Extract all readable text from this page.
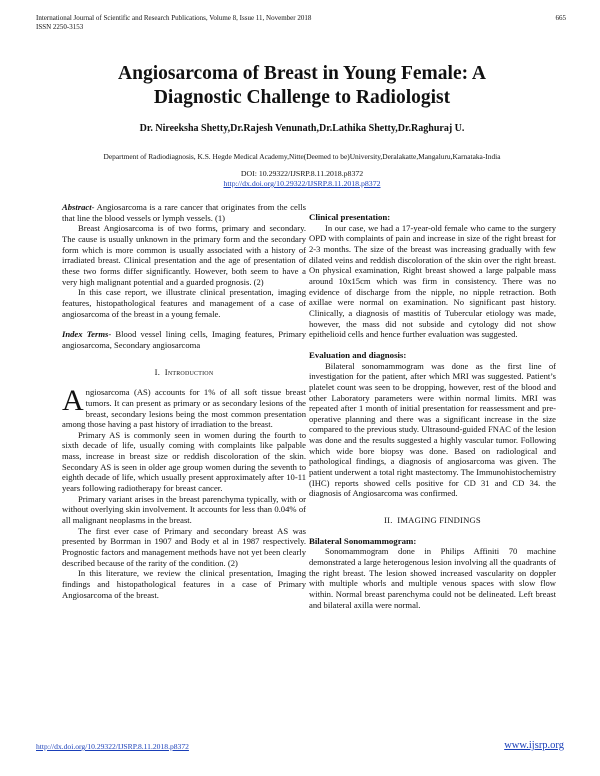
International Journal of Scientific and Research Publications, Volume 8, Issue 11, November 2018
ISSN 2250-3153
665
Angiosarcoma of Breast in Young Female: A
Diagnostic Challenge to Radiologist
Dr. Nireeksha Shetty,Dr.Rajesh Venunath,Dr.Lathika Shetty,Dr.Raghuraj U.
Department of Radiodiagnosis, K.S. Hegde Medical Academy,Nitte(Deemed to be)University,Deralakatte,Mangaluru,Karnataka-India
DOI: 10.29322/IJSRP.8.11.2018.p8372
http://dx.doi.org/10.29322/IJSRP.8.11.2018.p8372

Abstract- Angiosarcoma is a rare cancer that originates from the cells that line the blood vessels or lymph vessels. (1)

Breast Angiosarcoma is of two forms, primary and secondary. The cause is usually unknown in the primary form and the secondary form which is more common is usually associated with a history of irradiated breast. Clinical presentation and the age of presentation of these two forms differ significantly. However, both seem to have a very high malignant potential and a guarded prognosis. (2)

In this case report, we illustrate clinical presentation, imaging features, histopathological features and management of a case of angiosarcoma of the breast in a young female.

Index Terms- Blood vessel lining cells, Imaging features, Primary angiosarcoma, Secondary angiosarcoma

I. Introduction

Angiosarcoma (AS) accounts for 1% of all soft tissue breast tumors. It can present as primary or as secondary lesions of the breast, secondary lesions being the most common presentation among those having a past history of irradiation to the breast.

Primary AS is commonly seen in women during the fourth to sixth decade of life, usually coming with complaints like palpable mass, increase in breast size or reddish discoloration of the skin. Secondary AS is seen in older age group women during the seventh to eighth decade of life, which usually present approximately after 10-11 years following radiotherapy for breast cancer.

Primary variant arises in the breast parenchyma typically, with or without overlying skin involvement. It accounts for less than 0.04% of all malignant neoplasms in the breast.

The first ever case of Primary and secondary breast AS was presented by Borrman in 1907 and Body et al in 1987 respectively. Prognostic factors and management methods have not yet been clearly described because of the rarity of the condition. (2)

In this literature, we review the clinical presentation, Imaging findings and histopathological features in a case of Primary Angiosarcoma of the breast.

Clinical presentation:

In our case, we had a 17-year-old female who came to the surgery OPD with complaints of pain and increase in size of the right breast for 2-3 months. The size of the breast was increasing gradually with few dilated veins and reddish discoloration of the skin over the right breast. On physical examination, Right breast showed a large palpable mass around 10x15cm which was firm in consistency. There was no evidence of discharge from the nipple, no nipple retraction. Both axillae were normal on examination. No significant past history. Clinically, a diagnosis of mastitis of Tubercular etiology was made, however, the mass did not subside and cytology did not show epithelioid cells and hence further evaluation was suggested.

Evaluation and diagnosis:

Bilateral sonomammogram was done as the first line of investigation for the patient, after which MRI was suggested. Patient’s platelet count was seen to be dropping, however, rest of the blood and other Laboratory parameters were within normal limits. MRI was repeated after 1 month of initial presentation for reassessment and pre-operative planning and there was a significant increase in the size compared to the previous study. Ultrasound-guided FNAC of the lesion was done and the results suggested a highly vascular tumor. Following which wide bore biopsy was done. Based on radiological and pathological findings, a diagnosis of angiosarcoma was given. The patient underwent a total right mastectomy. The Immunohistochemistry (IHC) reports showed cells positive for CD 31 and CD 34. the diagnosis of Angiosarcoma was confirmed.

II. IMAGING FINDINGS

Bilateral Sonomammogram:

Sonomammogram done in Philips Affiniti 70 machine demonstrated a large heterogenous lesion involving all the quadrants of the right breast. The lesion showed increased vascularity on doppler with multiple whorls and multiple venous spaces with slow flow within. Normal breast parenchyma could not be delineated. Left breast and bilateral axilla were normal.

http://dx.doi.org/10.29322/IJSRP.8.11.2018.p8372	www.ijsrp.org
